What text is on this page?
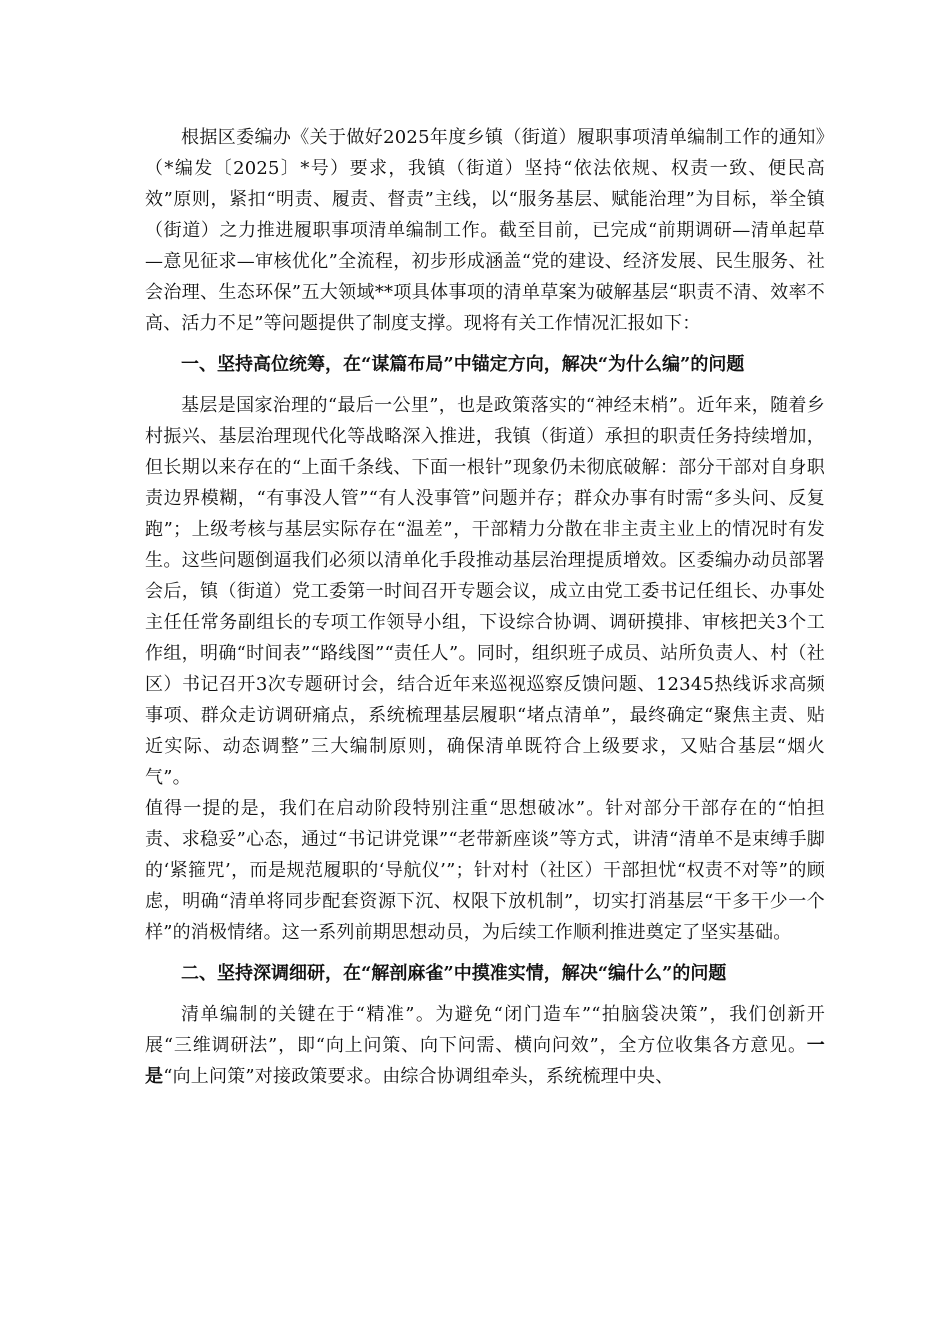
根据区委编办《关于做好2025年度乡镇（街道）履职事项清单编制工作的通知》（*编发〔2025〕*号）要求，我镇（街道）坚持“依法依规、权责一致、便民高效”原则，紧扣“明责、履责、督责”主线，以“服务基层、赋能治理”为目标，举全镇（街道）之力推进履职事项清单编制工作。截至目前，已完成“前期调研—清单起草—意见征求—审核优化”全流程，初步形成涵盖“党的建设、经济发展、民生服务、社会治理、生态环保”五大领域**项具体事项的清单草案为破解基层“职责不清、效率不高、活力不足”等问题提供了制度支撑。现将有关工作情况汇报如下：

一、坚持高位统筹，在“谋篇布局”中锚定方向，解决“为什么编”的问题

基层是国家治理的“最后一公里”，也是政策落实的“神经末梢”。近年来，随着乡村振兴、基层治理现代化等战略深入推进，我镇（街道）承担的职责任务持续增加，但长期以来存在的“上面千条线、下面一根针”现象仍未彻底破解：部分干部对自身职责边界模糊，“有事没人管”“有人没事管”问题并存；群众办事有时需“多头问、反复跑”；上级考核与基层实际存在“温差”，干部精力分散在非主责主业上的情况时有发生。这些问题倒逼我们必须以清单化手段推动基层治理提质增效。区委编办动员部署会后，镇（街道）党工委第一时间召开专题会议，成立由党工委书记任组长、办事处主任任常务副组长的专项工作领导小组，下设综合协调、调研摸排、审核把关3个工作组，明确“时间表”“路线图”“责任人”。同时，组织班子成员、站所负责人、村（社区）书记召开3次专题研讨会，结合近年来巡视巡察反馈问题、12345热线诉求高频事项、群众走访调研痛点，系统梳理基层履职“堵点清单”，最终确定“聚焦主责、贴近实际、动态调整”三大编制原则，确保清单既符合上级要求，又贴合基层“烟火气”。

值得一提的是，我们在启动阶段特别注重“思想破冰”。针对部分干部存在的“怕担责、求稳妥”心态，通过“书记讲党课”“老带新座谈”等方式，讲清“清单不是束缚手脚的‘紧箍咒’，而是规范履职的‘导航仪’”；针对村（社区）干部担忧“权责不对等”的顾虑，明确“清单将同步配套资源下沉、权限下放机制”，切实打消基层“干多干少一个样”的消极情绪。这一系列前期思想动员，为后续工作顺利推进奠定了坚实基础。

二、坚持深调细研，在“解剖麻雀”中摸准实情，解决“编什么”的问题

清单编制的关键在于“精准”。为避免“闭门造车”“拍脑袋决策”，我们创新开展“三维调研法”，即“向上问策、向下问需、横向问效”，全方位收集各方意见。一是“向上问策”对接政策要求。由综合协调组牵头，系统梳理中央、
